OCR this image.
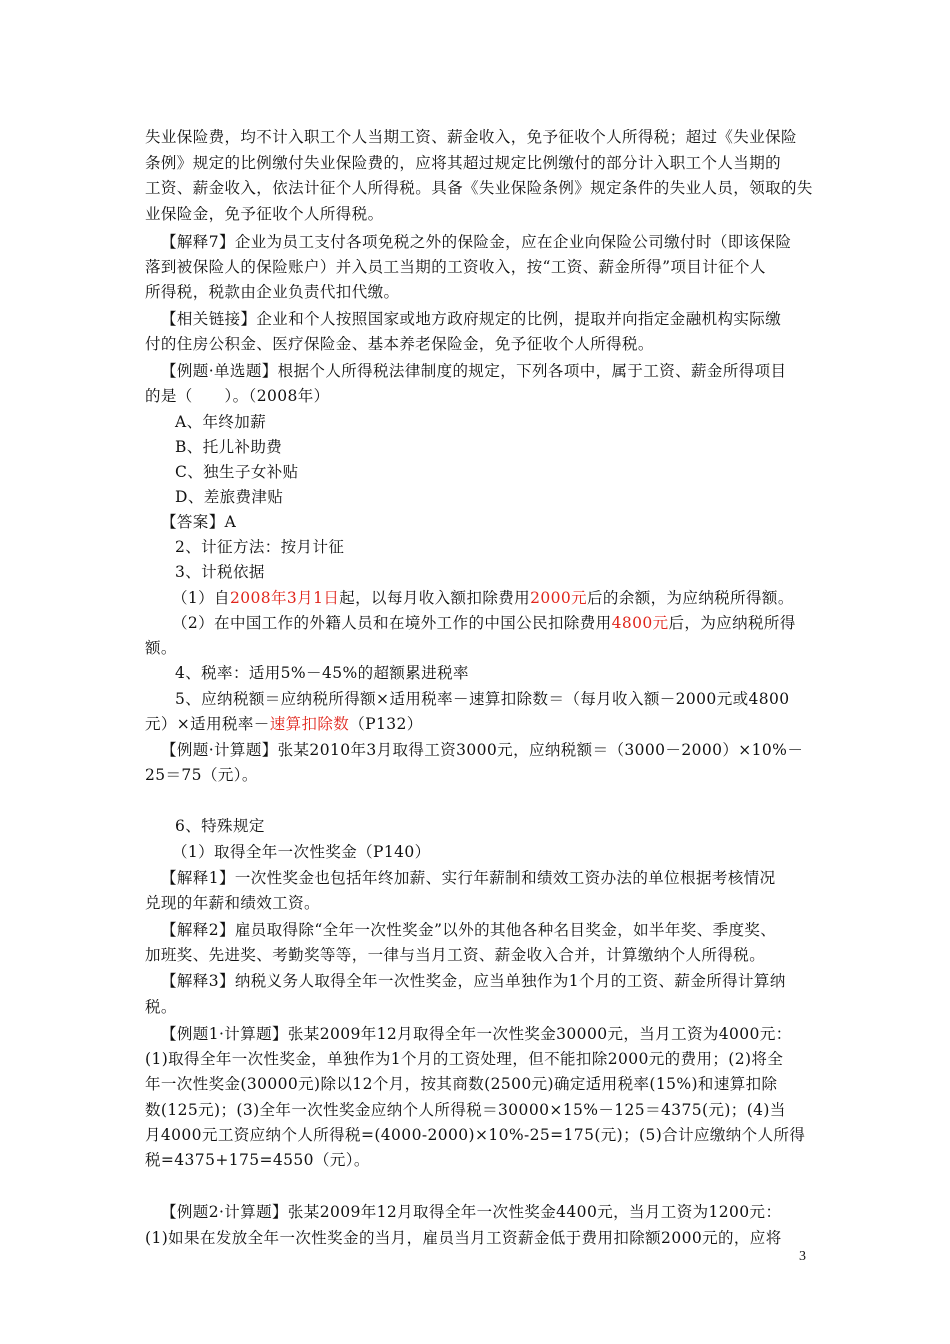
失业保险费，均不计入职工个人当期工资、薪金收入，免予征收个人所得税；超过《失业保险
条例》规定的比例缴付失业保险费的，应将其超过规定比例缴付的部分计入职工个人当期的
工资、薪金收入，依法计征个人所得税。具备《失业保险条例》规定条件的失业人员，领取的失
业保险金，免予征收个人所得税。
【解释7】企业为员工支付各项免税之外的保险金，应在企业向保险公司缴付时（即该保险
落到被保险人的保险账户）并入员工当期的工资收入，按“工资、薪金所得”项目计征个人
所得税，税款由企业负责代扣代缴。
【相关链接】企业和个人按照国家或地方政府规定的比例，提取并向指定金融机构实际缴
付的住房公积金、医疗保险金、基本养老保险金，免予征收个人所得税。
【例题·单选题】根据个人所得税法律制度的规定，下列各项中，属于工资、薪金所得项目
的是（　　）。（2008年）
A、年终加薪
B、托儿补助费
C、独生子女补贴
D、差旅费津贴
【答案】A
2、计征方法：按月计征
3、计税依据
（1）自2008年3月1日起，以每月收入额扣除费用2000元后的余额，为应纳税所得额。
（2）在中国工作的外籍人员和在境外工作的中国公民扣除费用4800元后，为应纳税所得
额。
4、税率：适用5%－45%的超额累进税率
5、应纳税额＝应纳税所得额×适用税率－速算扣除数＝（每月收入额－2000元或4800
元）×适用税率－速算扣除数（P132）
【例题·计算题】张某2010年3月取得工资3000元，应纳税额＝（3000－2000）×10%－
25＝75（元）。
6、特殊规定
（1）取得全年一次性奖金（P140）
【解释1】一次性奖金也包括年终加薪、实行年薪制和绩效工资办法的单位根据考核情况
兑现的年薪和绩效工资。
【解释2】雇员取得除“全年一次性奖金”以外的其他各种名目奖金，如半年奖、季度奖、
加班奖、先进奖、考勤奖等等，一律与当月工资、薪金收入合并，计算缴纳个人所得税。
【解释3】纳税义务人取得全年一次性奖金，应当单独作为1个月的工资、薪金所得计算纳
税。
【例题1·计算题】张某2009年12月取得全年一次性奖金30000元，当月工资为4000元：
(1)取得全年一次性奖金，单独作为1个月的工资处理，但不能扣除2000元的费用；(2)将全
年一次性奖金(30000元)除以12个月，按其商数(2500元)确定适用税率(15%)和速算扣除
数(125元)；(3)全年一次性奖金应纳个人所得税＝30000×15%－125＝4375(元)；(4)当
月4000元工资应纳个人所得税=(4000-2000)×10%-25=175(元)；(5)合计应缴纳个人所得
税=4375+175=4550（元）。
【例题2·计算题】张某2009年12月取得全年一次性奖金4400元，当月工资为1200元：
(1)如果在发放全年一次性奖金的当月，雇员当月工资薪金低于费用扣除额2000元的，应将
3
